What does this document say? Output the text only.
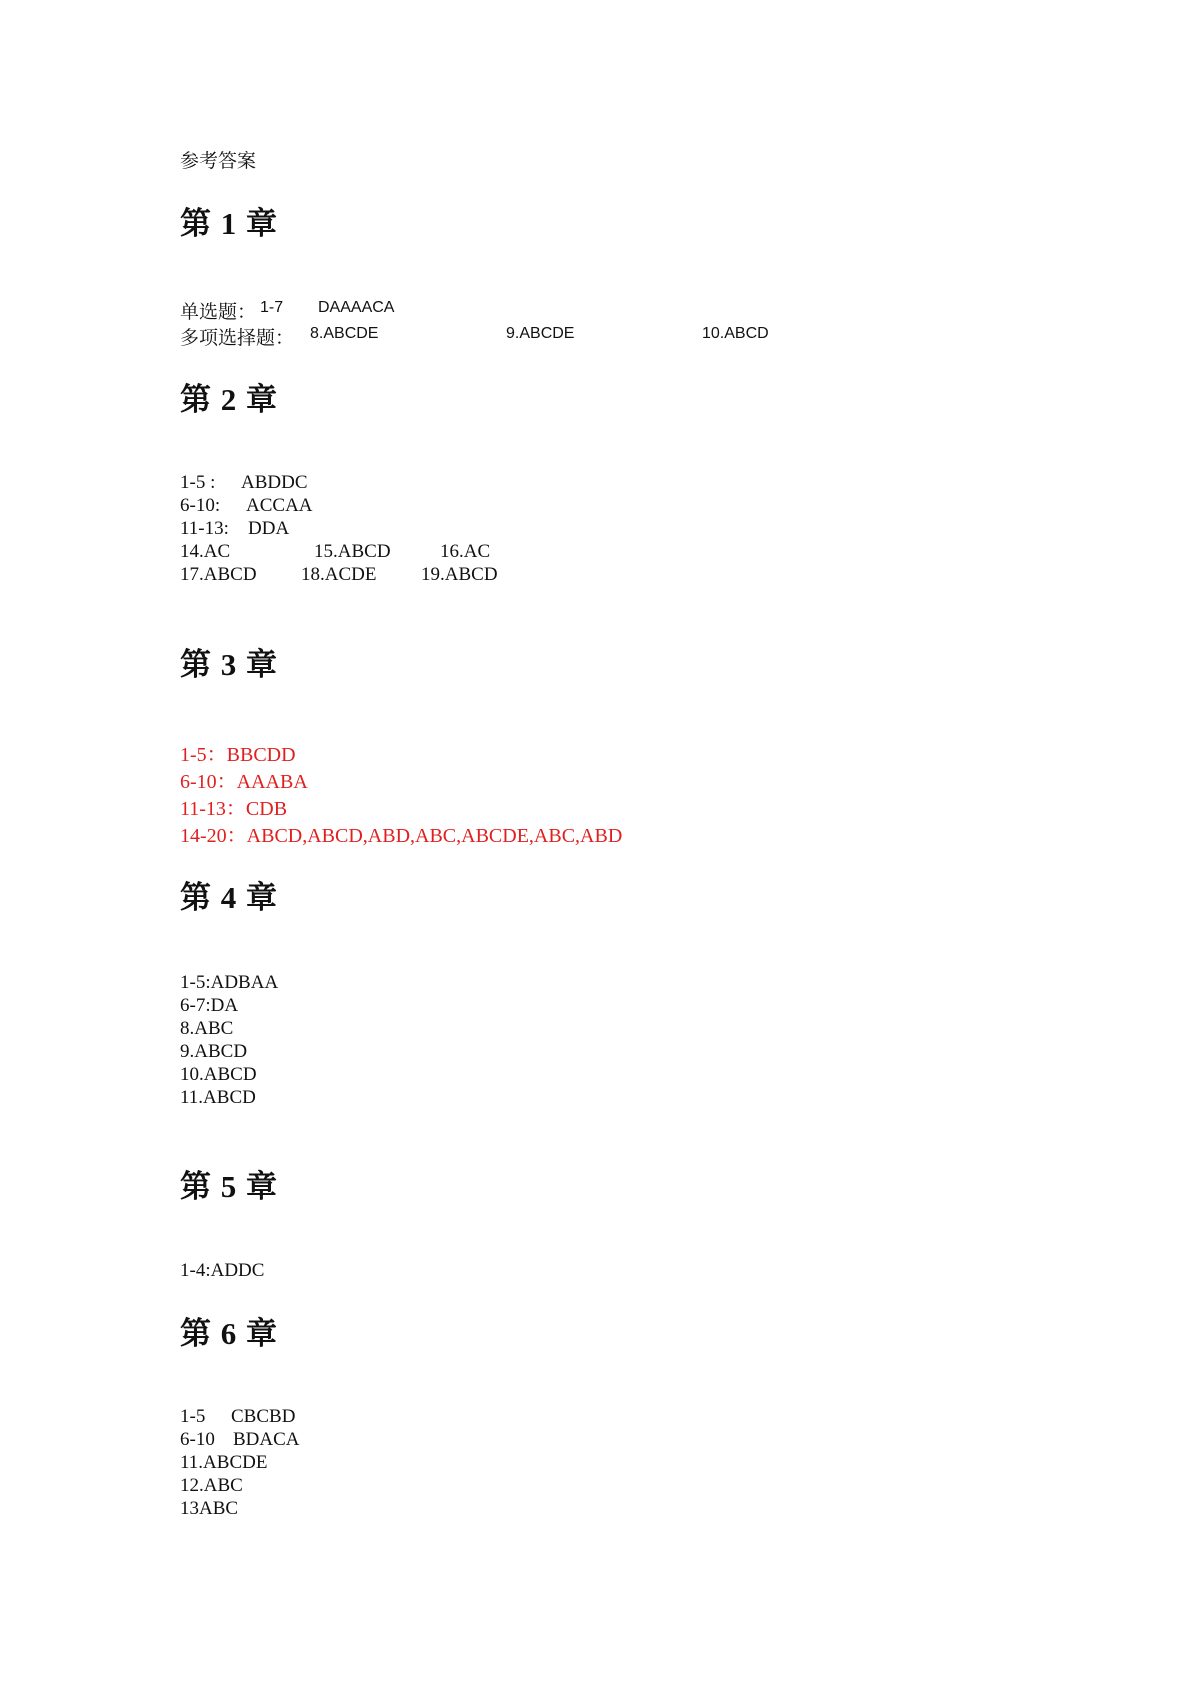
参考答案
第 1 章
单选题： 1-7 DAAAACA
多项选择题： 8.ABCDE	9.ABCDE	10.ABCD
第 2 章
1-5 : ABDDC
6-10: ACCAA
11-13: DDA
14.AC	15.ABCD	16.AC
17.ABCD 18.ACDE 19.ABCD
第 3 章
1-5：BBCDD
6-10：AAABA
11-13：CDB
14-20：ABCD,ABCD,ABD,ABC,ABCDE,ABC,ABD
第 4 章
1-5:ADBAA
6-7:DA
8.ABC
9.ABCD
10.ABCD
11.ABCD
第 5 章
1-4:ADDC
第 6 章
1-5 CBCBD
6-10 BDACA
11.ABCDE
12.ABC
13ABC
